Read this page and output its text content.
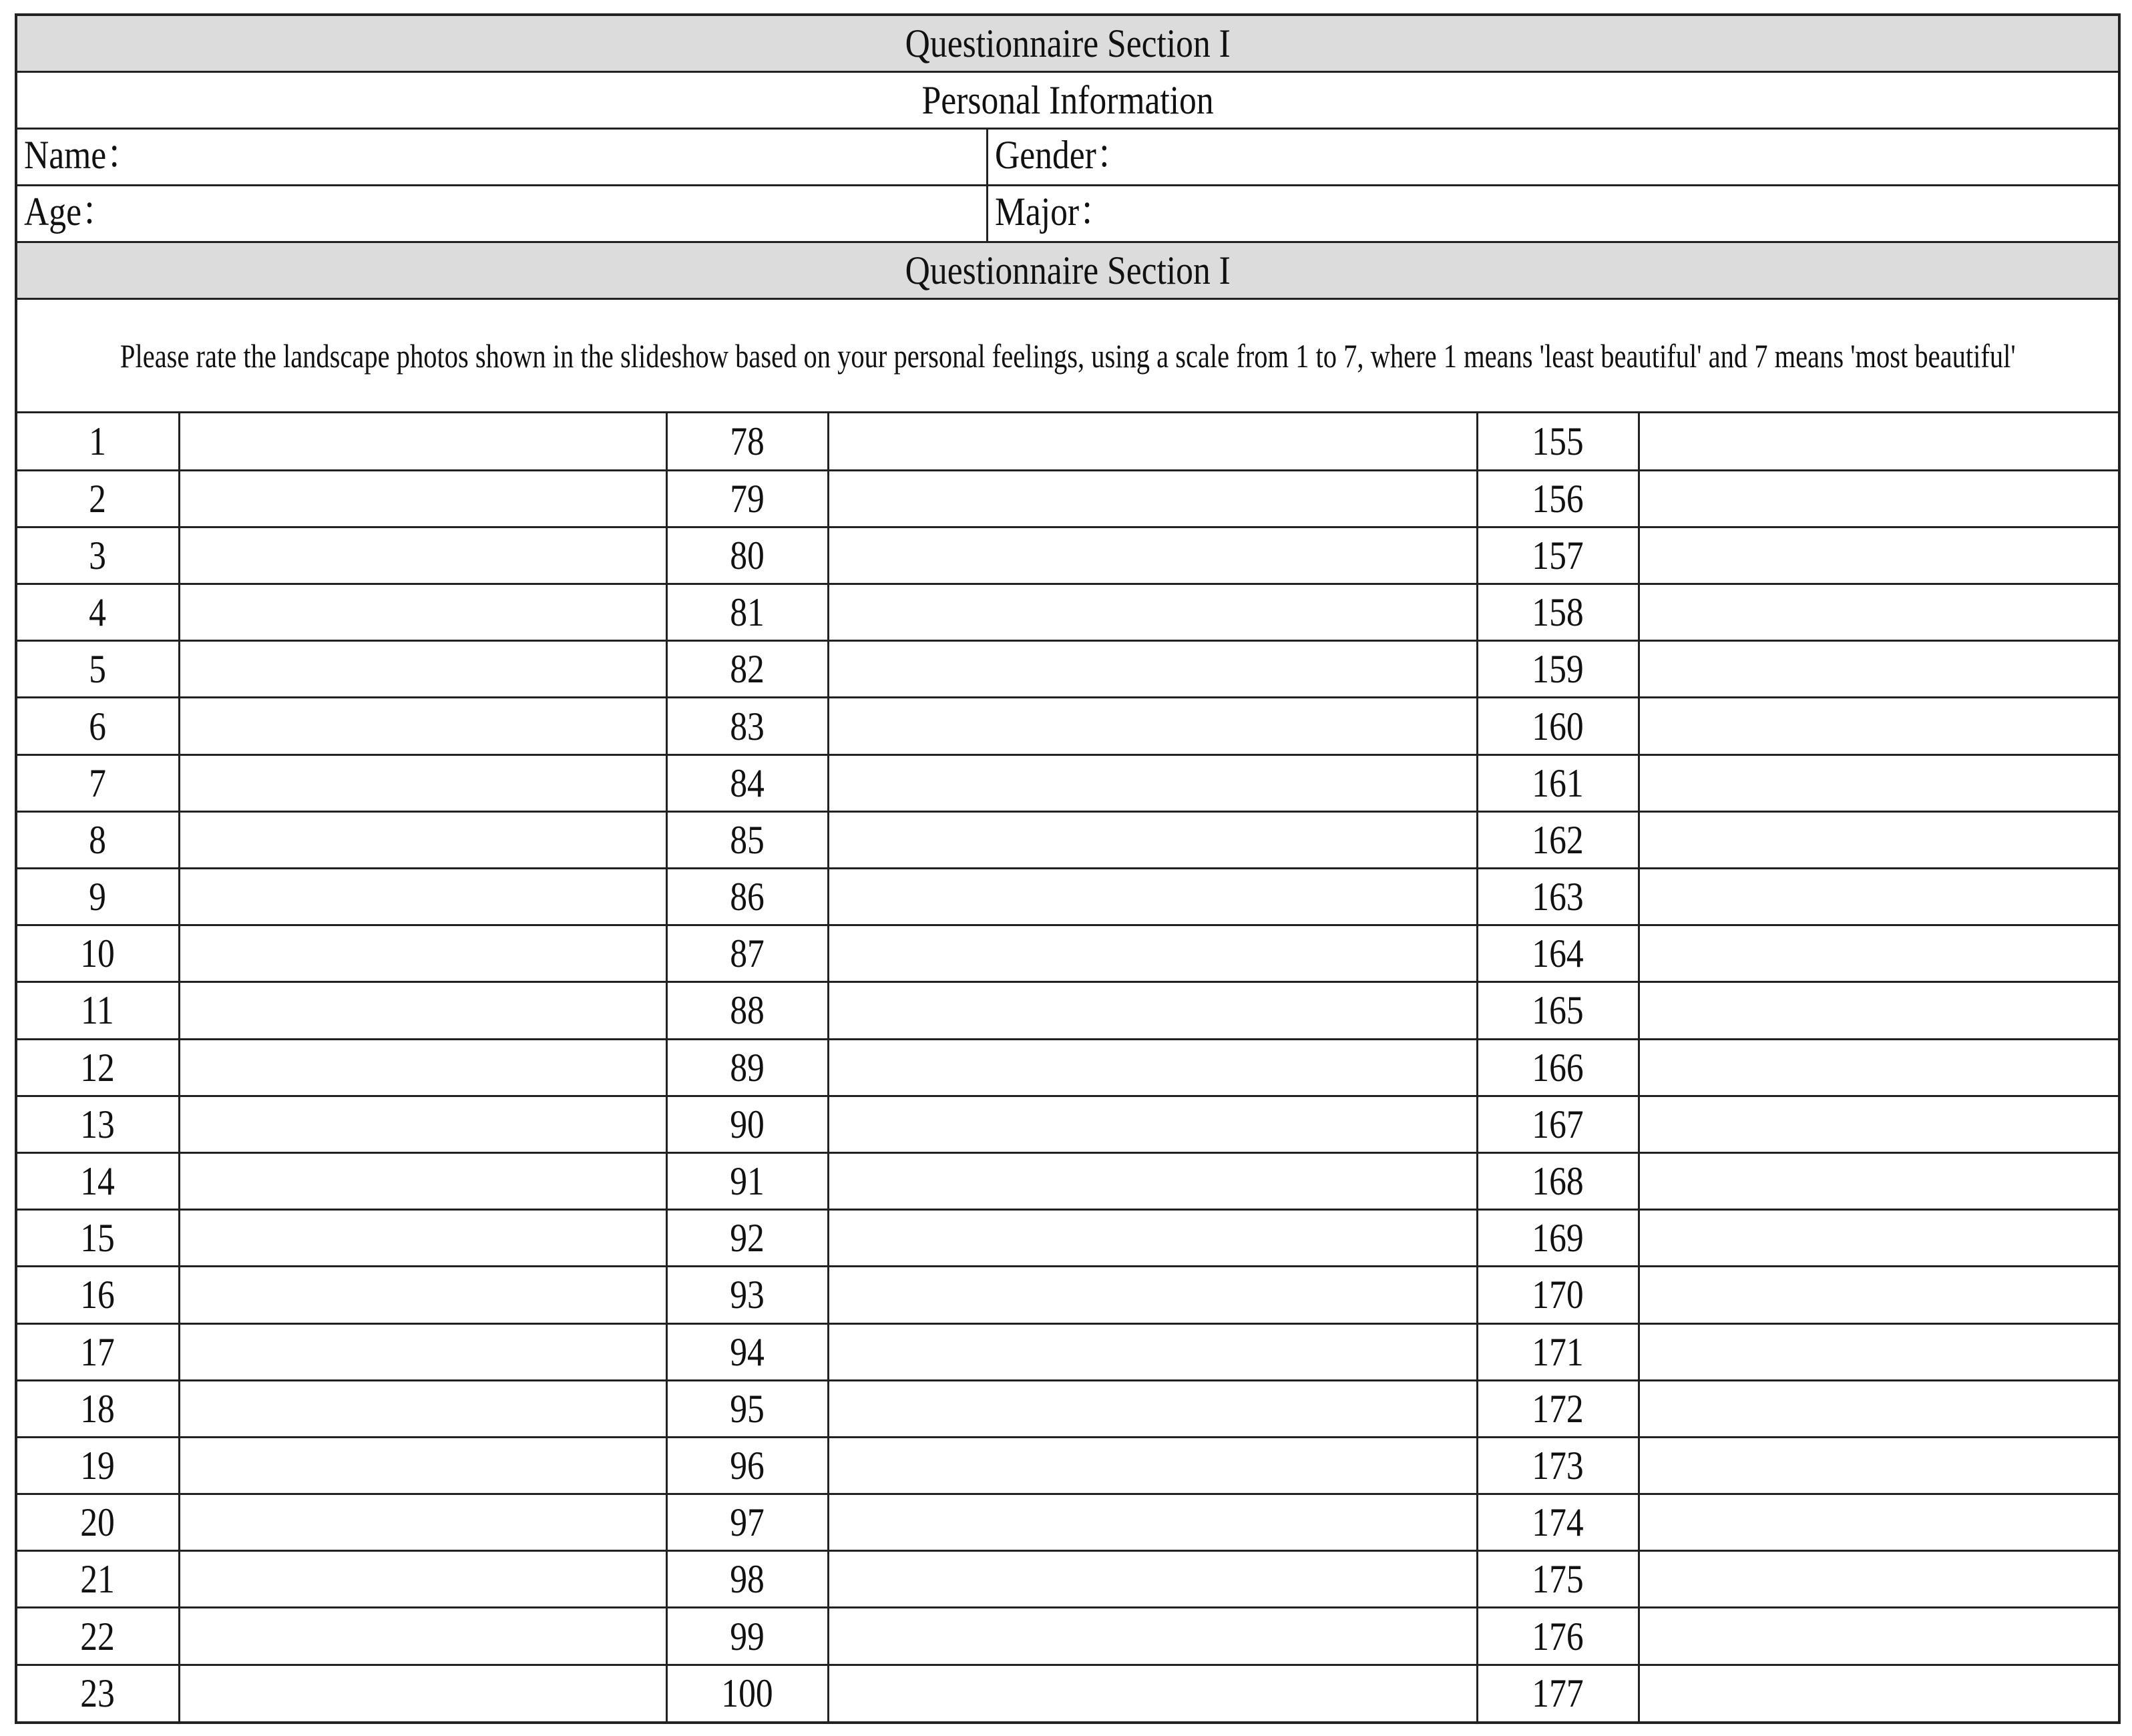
Questionnaire Section I
Personal Information
Name：	Gender：
Age：	Major：
Questionnaire Section I
Please rate the landscape photos shown in the slideshow based on your personal feelings, using a scale from 1 to 7, where 1 means 'least beautiful' and 7 means 'most beautiful'
1		78		155	
2		79		156	
3		80		157	
4		81		158	
5		82		159	
6		83		160	
7		84		161	
8		85		162	
9		86		163	
10		87		164	
11		88		165	
12		89		166	
13		90		167	
14		91		168	
15		92		169	
16		93		170	
17		94		171	
18		95		172	
19		96		173	
20		97		174	
21		98		175	
22		99		176	
23		100		177	
